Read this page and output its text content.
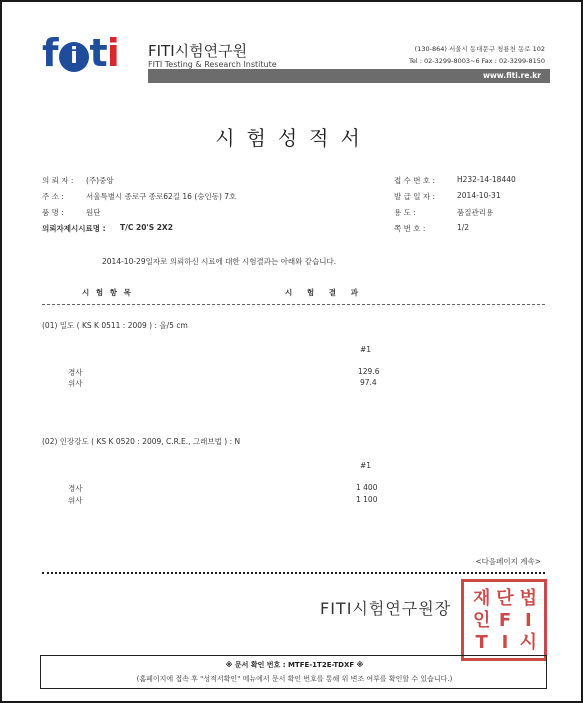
f i ti FITI시험연구원
FITI Testing & Research Institute
(130-864) 서울시 동대문구 청룡천 동로 102
Tel : 02-3299-8003~6 Fax : 02-3299-8150
www.fiti.re.kr
시험성적서
의 뢰 자 : (주)중앙
주 소 :	서울특별시 종로구 종로62길 16 (숭인동) 7호
품 명 :	원단
의뢰자제시시료명 : T/C 20'S 2X2
접 수 번 호 :	H232-14-18440
발 급 일 자 :	2014-10-31
용 도 :	품질관리용
쪽 번 호 :	1/2
2014-10-29일자로 의뢰하신 시료에 대한 시험결과는 아래와 같습니다.
시 험 항 목	시 험 결 과
(01) 밀도 ( KS K 0511 : 2009 ) : 올/5 cm
#1
경사	129.6
위사	97.4
(02) 인장강도 ( KS K 0520 : 2009, C.R.E., 그래브법 ) : N
#1
경사	1 400
위사	1 100
<다음페이지 계속>
FITI시험연구원장 재 단 법
인 F I
T I 시
※ 문서 확인 번호 : MTFE-1T2E-TDXF ※
(홈페이지에 접속 후 "성적서확인" 메뉴에서 문서 확인 번호를 통해 위 변조 여부를 확인할 수 있습니다.)
